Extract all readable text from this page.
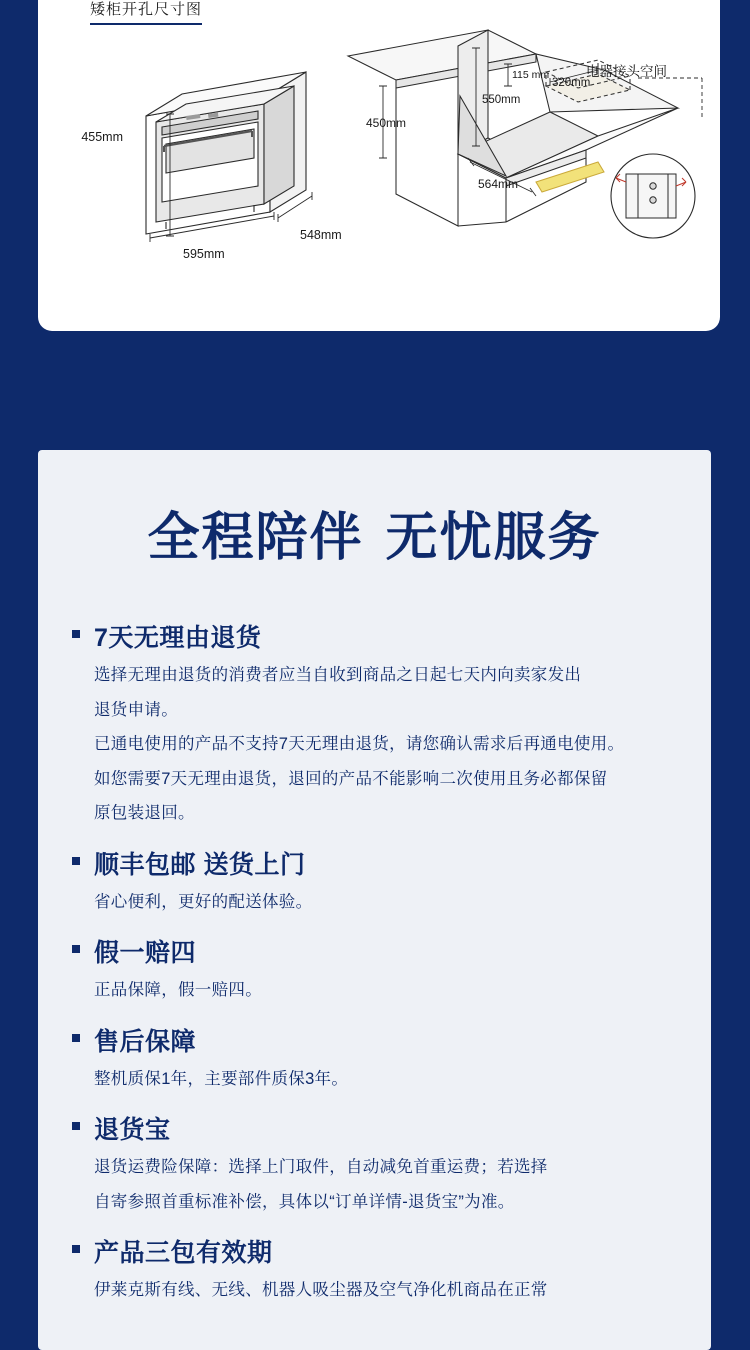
矮柜开孔尺寸图
455mm
595mm
548mm
450mm
550mm
115 mm
320mm
564mm
电器接头空间
全程陪伴 无忧服务
7天无理由退货

选择无理由退货的消费者应当自收到商品之日起七天内向卖家发出

退货申请。

已通电使用的产品不支持7天无理由退货，请您确认需求后再通电使用。

如您需要7天无理由退货，退回的产品不能影响二次使用且务必都保留

原包装退回。

顺丰包邮 送货上门

省心便利，更好的配送体验。

假一赔四

正品保障，假一赔四。

售后保障

整机质保1年，主要部件质保3年。

退货宝

退货运费险保障：选择上门取件，自动减免首重运费；若选择

自寄参照首重标准补偿，具体以“订单详情-退货宝”为准。

产品三包有效期

伊莱克斯有线、无线、机器人吸尘器及空气净化机商品在正常
